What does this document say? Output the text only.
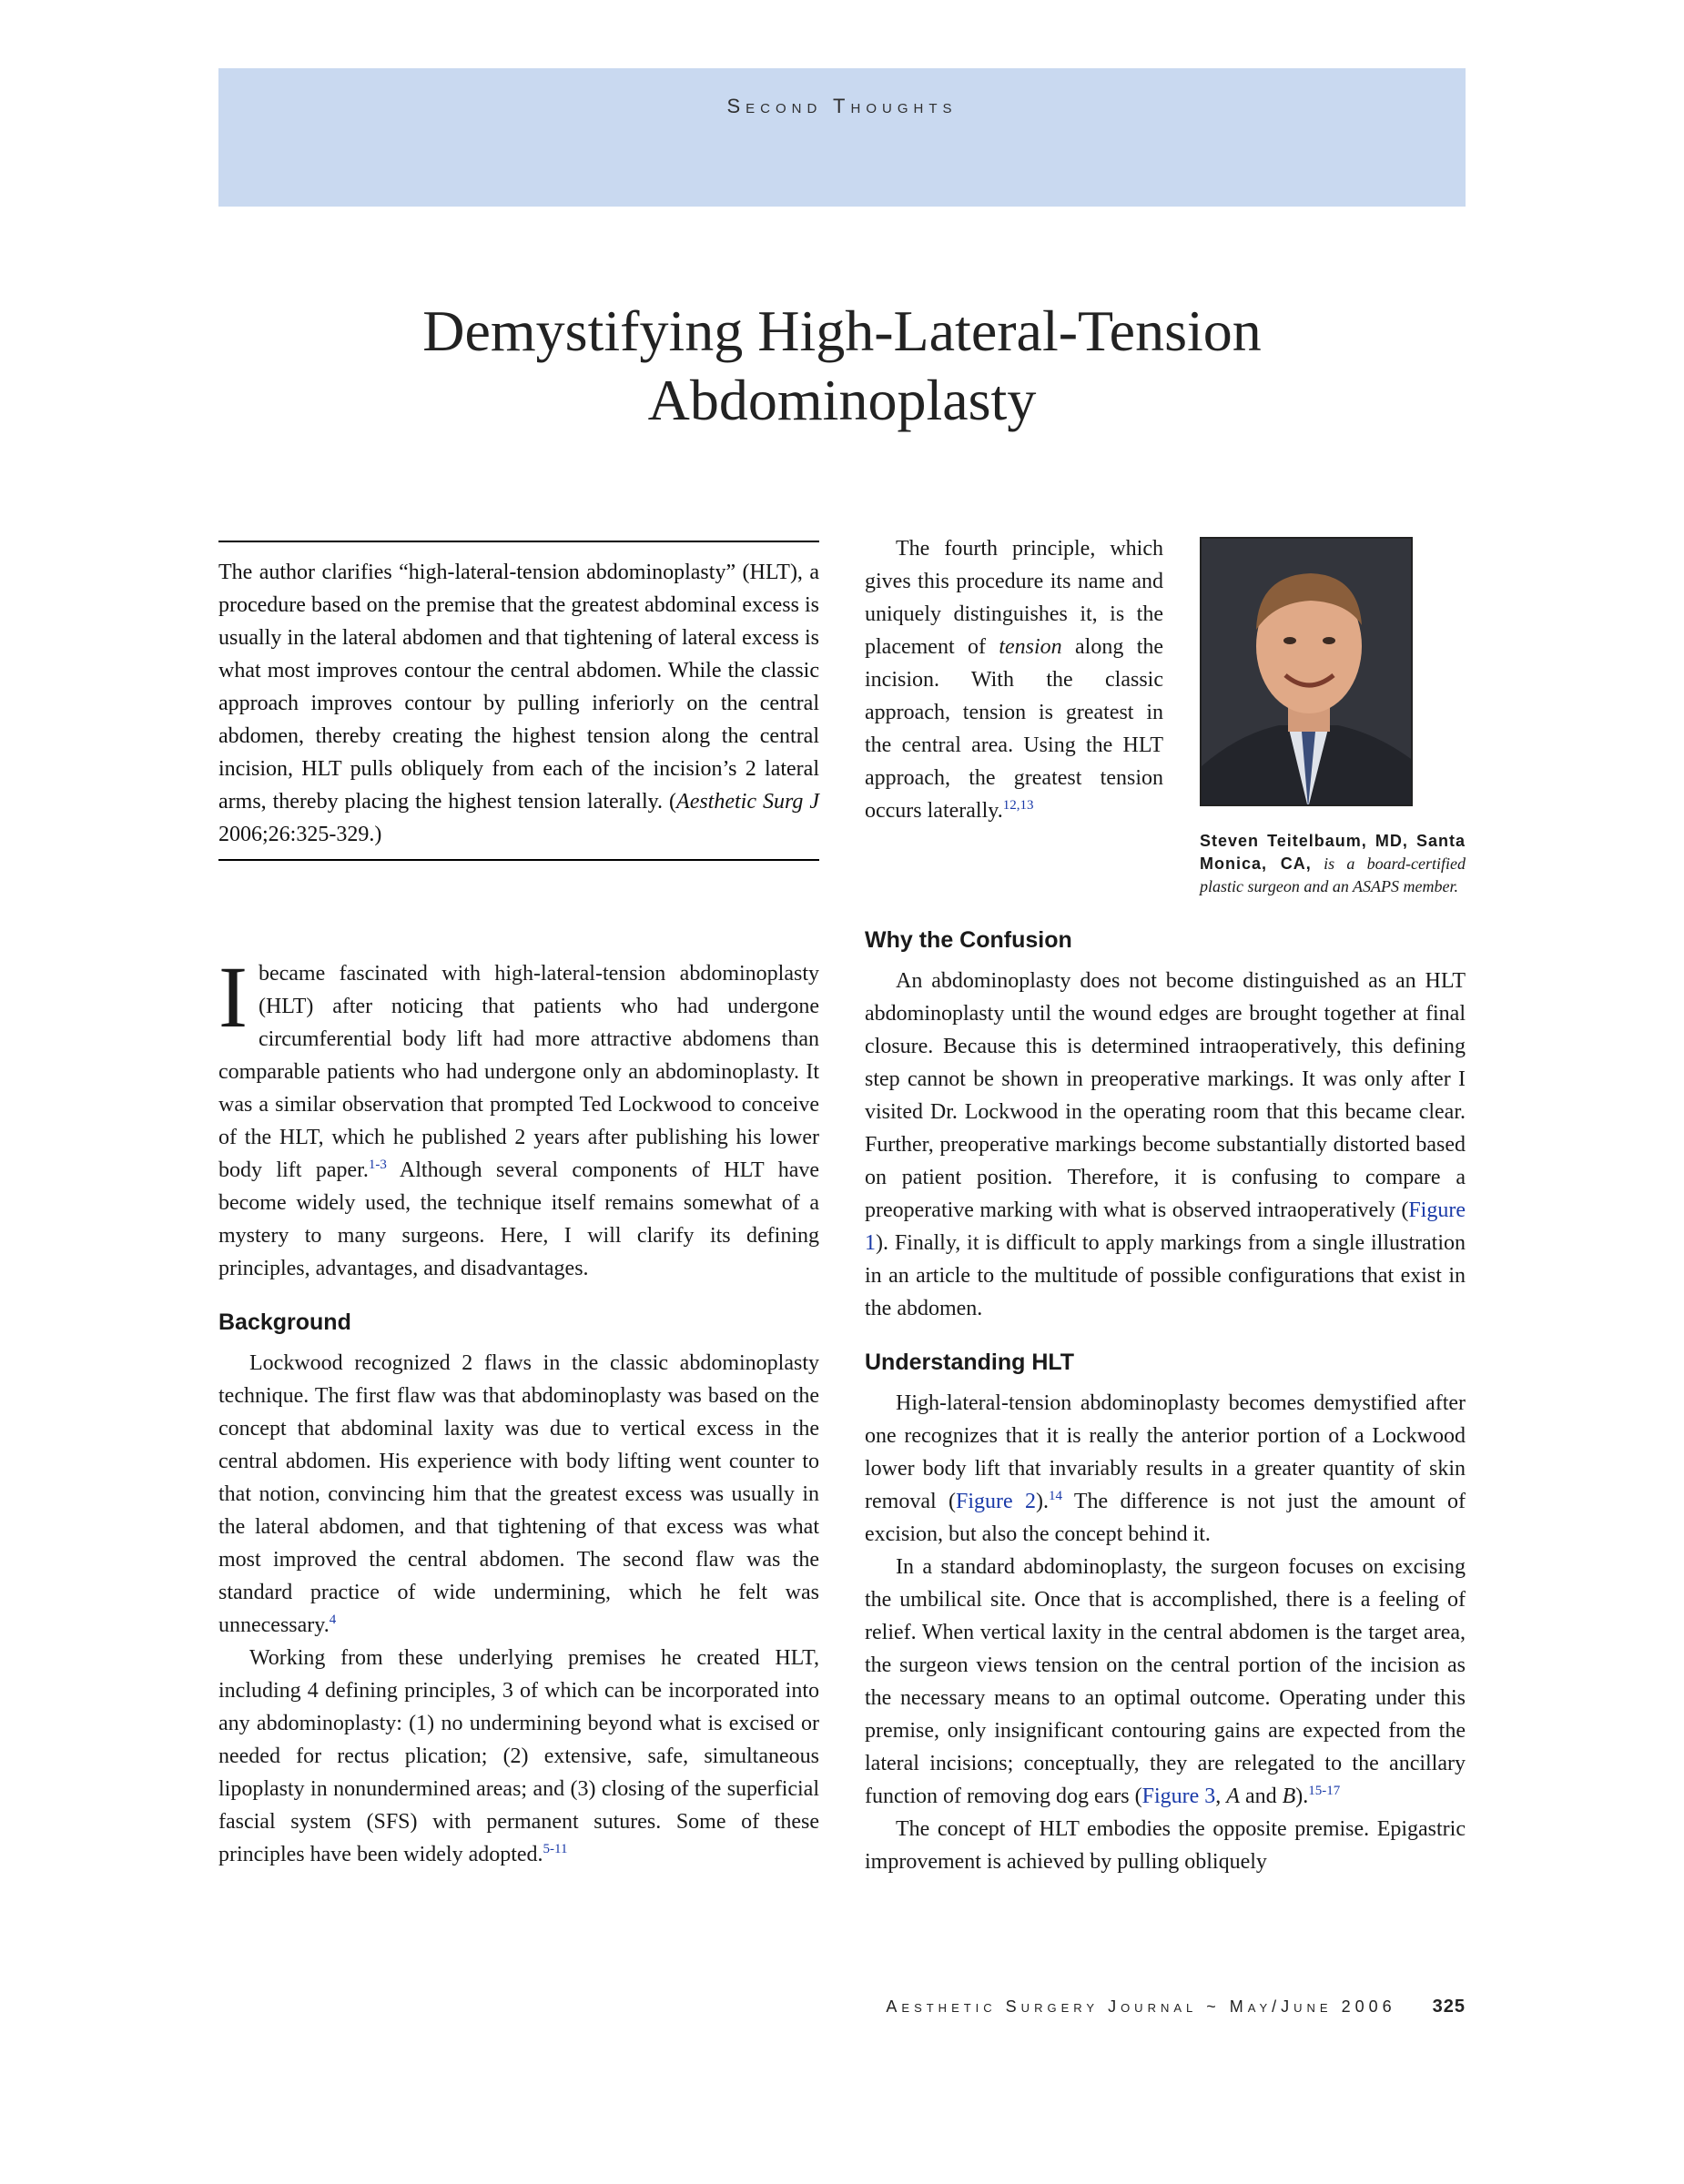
Second Thoughts
Demystifying High-Lateral-Tension
Abdominoplasty
The author clarifies “high-lateral-tension abdominoplasty” (HLT), a procedure based on the premise that the greatest abdominal excess is usually in the lateral abdomen and that tightening of lateral excess is what most improves contour the central abdomen. While the classic approach improves contour by pulling inferiorly on the central abdomen, thereby creating the highest tension along the central incision, HLT pulls obliquely from each of the incision’s 2 lateral arms, thereby placing the highest tension laterally. (Aesthetic Surg J 2006;26:325-329.)

I became fascinated with high-lateral-tension abdominoplasty (HLT) after noticing that patients who had undergone circumferential body lift had more attractive abdomens than comparable patients who had undergone only an abdominoplasty. It was a similar observation that prompted Ted Lockwood to conceive of the HLT, which he published 2 years after publishing his lower body lift paper.$^{1-3}$ Although several components of HLT have become widely used, the technique itself remains somewhat of a mystery to many surgeons. Here, I will clarify its defining principles, advantages, and disadvantages.

Background

Lockwood recognized 2 flaws in the classic abdominoplasty technique. The first flaw was that abdominoplasty was based on the concept that abdominal laxity was due to vertical excess in the central abdomen. His experience with body lifting went counter to that notion, convincing him that the greatest excess was usually in the lateral abdomen, and that tightening of that excess was what most improved the central abdomen. The second flaw was the standard practice of wide undermining, which he felt was unnecessary.$^4$

Working from these underlying premises he created HLT, including 4 defining principles, 3 of which can be incorporated into any abdominoplasty: (1) no undermining beyond what is excised or needed for rectus plication; (2) extensive, safe, simultaneous lipoplasty in nonundermined areas; and (3) closing of the superficial fascial system (SFS) with permanent sutures. Some of these principles have been widely adopted.$^{5-11}$

The fourth principle, which gives this procedure its name and uniquely distinguishes it, is the placement of tension along the incision. With the classic approach, tension is greatest in the central area. Using the HLT approach, the greatest tension occurs laterally.$^{12,13}$

Steven Teitelbaum, MD, Santa Monica, CA, is a board-certified plastic surgeon and an ASAPS member.
Why the Confusion

An abdominoplasty does not become distinguished as an HLT abdominoplasty until the wound edges are brought together at final closure. Because this is determined intraoperatively, this defining step cannot be shown in preoperative markings. It was only after I visited Dr. Lockwood in the operating room that this became clear. Further, preoperative markings become substantially distorted based on patient position. Therefore, it is confusing to compare a preoperative marking with what is observed intraoperatively (Figure 1). Finally, it is difficult to apply markings from a single illustration in an article to the multitude of possible configurations that exist in the abdomen.

Understanding HLT

High-lateral-tension abdominoplasty becomes demystified after one recognizes that it is really the anterior portion of a Lockwood lower body lift that invariably results in a greater quantity of skin removal (Figure 2).$^{14}$ The difference is not just the amount of excision, but also the concept behind it.

In a standard abdominoplasty, the surgeon focuses on excising the umbilical site. Once that is accomplished, there is a feeling of relief. When vertical laxity in the central abdomen is the target area, the surgeon views tension on the central portion of the incision as the necessary means to an optimal outcome. Operating under this premise, only insignificant contouring gains are expected from the lateral incisions; conceptually, they are relegated to the ancillary function of removing dog ears (Figure 3, A and B).$^{15-17}$

The concept of HLT embodies the opposite premise. Epigastric improvement is achieved by pulling obliquely

Aesthetic Surgery Journal ~ May/June 2006 325
